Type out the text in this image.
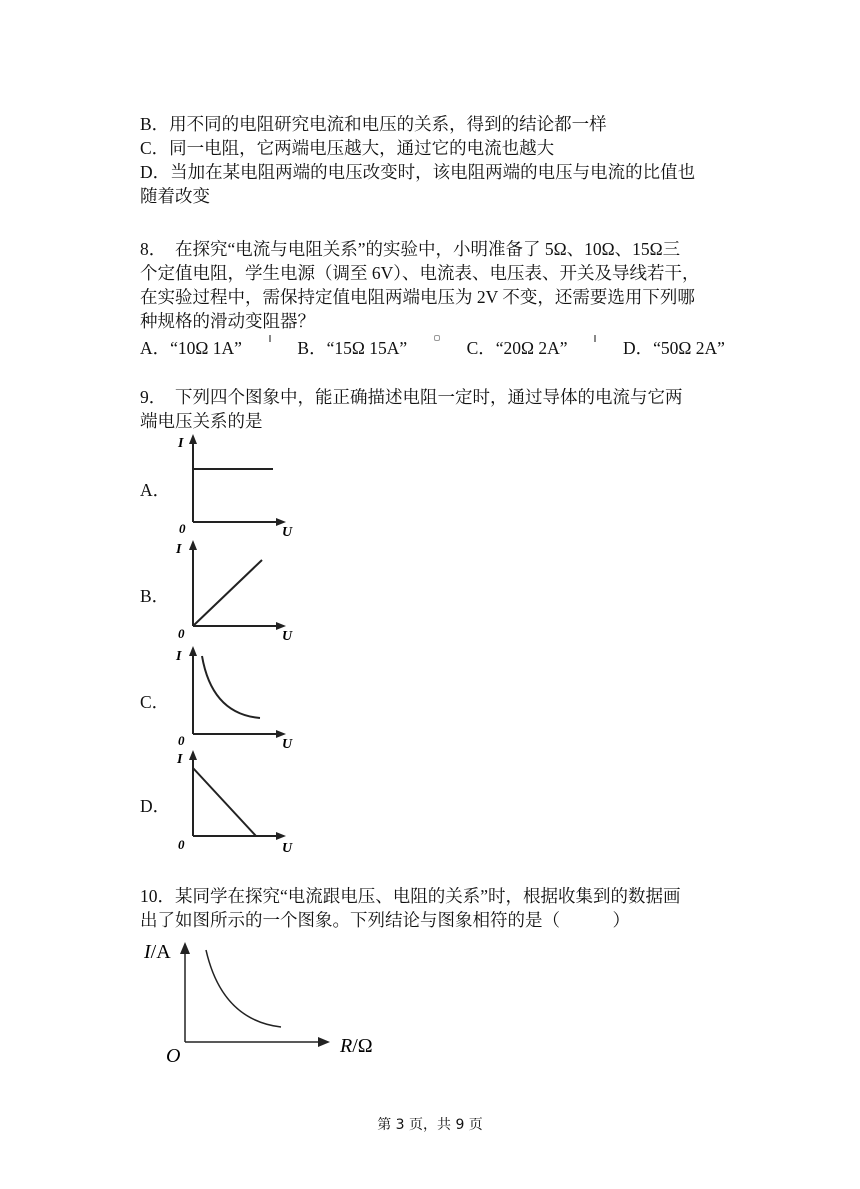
B．用不同的电阻研究电流和电压的关系，得到的结论都一样
C．同一电阻，它两端电压越大，通过它的电流也越大
D．当加在某电阻两端的电压改变时，该电阻两端的电压与电流的比值也
随着改变
8．　在探究“电流与电阻关系”的实验中，小明准备了 5Ω、10Ω、15Ω三
个定值电阻，学生电源（调至 6V）、电流表、电压表、开关及导线若干，
在实验过程中，需保持定值电阻两端电压为 2V 不变，还需要选用下列哪
种规格的滑动变阻器？
A．“10Ω 1A”	B．“15Ω 15A”	C．“20Ω 2A”	D．“50Ω 2A”
9．　下列四个图象中，能正确描述电阻一定时，通过导体的电流与它两
端电压关系的是
A．
I
0	U
B．
I
0	U
C．
I
0	U
D．
I
0	U
10．某同学在探究“电流跟电压、电阻的关系”时，根据收集到的数据画
出了如图所示的一个图象。下列结论与图象相符的是（　　　）
I/A
O	R/Ω
第 3 页，共 9 页
